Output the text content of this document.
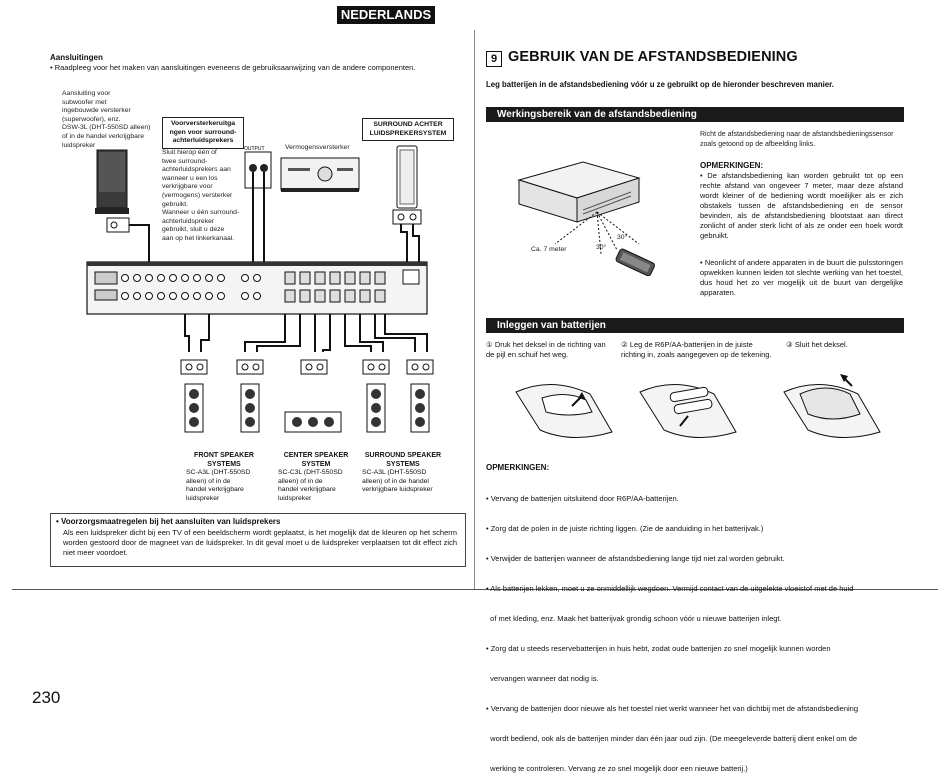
NEDERLANDS
230
Aansluitingen
• Raadpleeg voor het maken van aansluitingen eveneens de gebruiksaanwijzing van de andere componenten.
Aansluiting voor
subwoofer met
ingebouwde versterker
(superwoofer), enz.
DSW-3L (DHT-550SD alleen)
of in de handel verkrijgbare
luidspreker
Voorversterkeruitga
ngen voor surround-
achterluidsprekers
Sluit hierop één of
twee surround-
achterluidsprekers aan
wanneer u een los
verkrijgbare voor
(vermogens) versterker
gebruikt.
Wanneer u één surround-
achterluidspreker
gebruikt, sluit u deze
aan op het linkerkanaal.
Vermogensversterker
SURROUND ACHTER
LUIDSPREKERSYSTEM
OUTPUT
FRONT SPEAKER
SYSTEMS
SC-A3L (DHT-550SD
alleen) of in de
handel verkrijgbare
luidspreker
CENTER SPEAKER
SYSTEM
SC-C3L (DHT-550SD
alleen) of in de
handel verkrijgbare
luidspreker
SURROUND SPEAKER
SYSTEMS
SC-A3L (DHT-550SD
alleen) of in de handel
verkrijgbare luidspreker
• Voorzorgsmaatregelen bij het aansluiten van luidsprekers
Als een luidspreker dicht bij een TV of een beeldscherm wordt geplaatst, is het mogelijk dat de kleuren op het scherm worden gestoord door de magneet van de luidspreker. In dit geval moet u de luidspreker verplaatsen tot dit effect zich niet meer voordoet.
9 GEBRUIK VAN DE AFSTANDSBEDIENING
Leg batterijen in de afstandsbediening vóór u ze gebruikt op de hieronder beschreven manier.
Werkingsbereik van de afstandsbediening
Ca. 7 meter
30°
30°
Richt de afstandsbediening naar de afstandsbedieningssensor zoals getoond op de afbeelding links.
OPMERKINGEN:
• De afstandsbediening kan worden gebruikt tot op een rechte afstand van ongeveer 7 meter, maar deze afstand wordt kleiner of de bediening wordt moeilijker als er zich obstakels tussen de afstandsbediening en de sensor bevinden, als de afstandsbediening blootstaat aan direct zonlicht of ander sterk licht of als ze onder een hoek wordt gebruikt.
• Neonlicht of andere apparaten in de buurt die pulsstoringen opwekken kunnen leiden tot slechte werking van het toestel, dus houd het zo ver mogelijk uit de buurt van dergelijke apparaten.
Inleggen van batterijen
① Druk het deksel in de richting van de pijl en schuif het weg.
② Leg de R6P/AA-batterijen in de juiste richting in, zoals aangegeven op de tekening.
③ Sluit het deksel.
OPMERKINGEN:

• Vervang de batterijen uitsluitend door R6P/AA-batterijen.

• Zorg dat de polen in de juiste richting liggen. (Zie de aanduiding in het batterijvak.)

• Verwijder de batterijen wanneer de afstandsbediening lange tijd niet zal worden gebruikt.

• Als batterijen lekken, moet u ze onmiddellijk wegdoen. Vermijd contact van de uitgelekte vloeistof met de huid

of met kleding, enz. Maak het batterijvak grondig schoon vóór u nieuwe batterijen inlegt.

• Zorg dat u steeds reservebatterijen in huis hebt, zodat oude batterijen zo snel mogelijk kunnen worden

vervangen wanneer dat nodig is.

• Vervang de batterijen door nieuwe als het toestel niet werkt wanneer het van dichtbij met de afstandsbediening

wordt bediend, ook als de batterijen minder dan één jaar oud zijn. (De meegeleverde batterij dient enkel om de

werking te controleren. Vervang ze zo snel mogelijk door een nieuwe batterij.)
